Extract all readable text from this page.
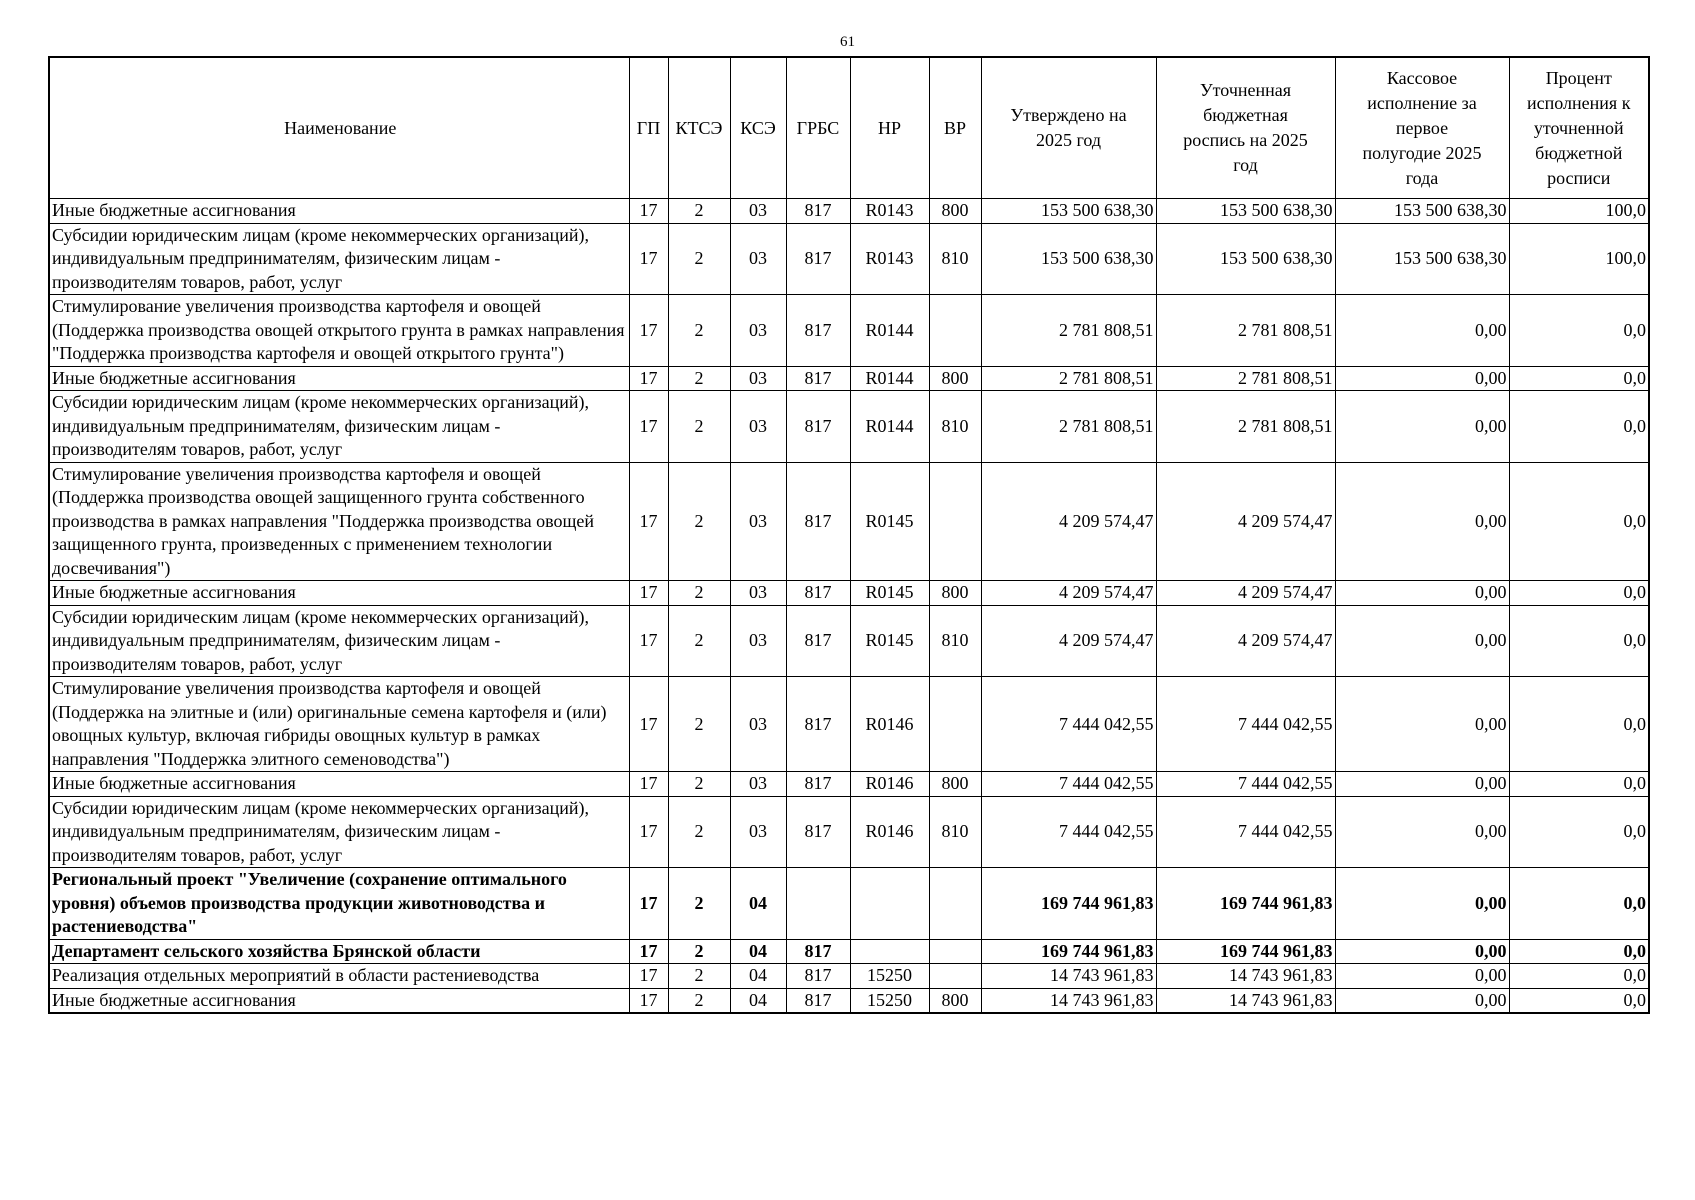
61
Наименование	ГП	КТСЭ	КСЭ	ГРБС	НР	ВР	Утверждено на 2025 год	Уточненная бюджетная роспись на 2025 год	Кассовое исполнение за первое полугодие 2025 года	Процент исполнения к уточненной бюджетной росписи
Иные бюджетные ассигнования	17	2	03	817	R0143	800	153 500 638,30	153 500 638,30	153 500 638,30	100,0
Субсидии юридическим лицам (кроме некоммерческих организаций), индивидуальным предпринимателям, физическим лицам - производителям товаров, работ, услуг	17	2	03	817	R0143	810	153 500 638,30	153 500 638,30	153 500 638,30	100,0
Стимулирование увеличения производства картофеля и овощей (Поддержка производства овощей открытого грунта в рамках направления "Поддержка производства картофеля и овощей открытого грунта")	17	2	03	817	R0144		2 781 808,51	2 781 808,51	0,00	0,0
Иные бюджетные ассигнования	17	2	03	817	R0144	800	2 781 808,51	2 781 808,51	0,00	0,0
Субсидии юридическим лицам (кроме некоммерческих организаций), индивидуальным предпринимателям, физическим лицам - производителям товаров, работ, услуг	17	2	03	817	R0144	810	2 781 808,51	2 781 808,51	0,00	0,0
Стимулирование увеличения производства картофеля и овощей (Поддержка производства овощей защищенного грунта собственного производства в рамках направления "Поддержка производства овощей защищенного грунта, произведенных с применением технологии досвечивания")	17	2	03	817	R0145		4 209 574,47	4 209 574,47	0,00	0,0
Иные бюджетные ассигнования	17	2	03	817	R0145	800	4 209 574,47	4 209 574,47	0,00	0,0
Субсидии юридическим лицам (кроме некоммерческих организаций), индивидуальным предпринимателям, физическим лицам - производителям товаров, работ, услуг	17	2	03	817	R0145	810	4 209 574,47	4 209 574,47	0,00	0,0
Стимулирование увеличения производства картофеля и овощей (Поддержка на элитные и (или) оригинальные семена картофеля и (или) овощных культур, включая гибриды овощных культур в рамках направления "Поддержка элитного семеноводства")	17	2	03	817	R0146		7 444 042,55	7 444 042,55	0,00	0,0
Иные бюджетные ассигнования	17	2	03	817	R0146	800	7 444 042,55	7 444 042,55	0,00	0,0
Субсидии юридическим лицам (кроме некоммерческих организаций), индивидуальным предпринимателям, физическим лицам - производителям товаров, работ, услуг	17	2	03	817	R0146	810	7 444 042,55	7 444 042,55	0,00	0,0
Региональный проект "Увеличение (сохранение оптимального уровня) объемов производства продукции животноводства и растениеводства"	17	2	04				169 744 961,83	169 744 961,83	0,00	0,0
Департамент сельского хозяйства Брянской области	17	2	04	817			169 744 961,83	169 744 961,83	0,00	0,0
Реализация отдельных мероприятий в области растениеводства	17	2	04	817	15250		14 743 961,83	14 743 961,83	0,00	0,0
Иные бюджетные ассигнования	17	2	04	817	15250	800	14 743 961,83	14 743 961,83	0,00	0,0
